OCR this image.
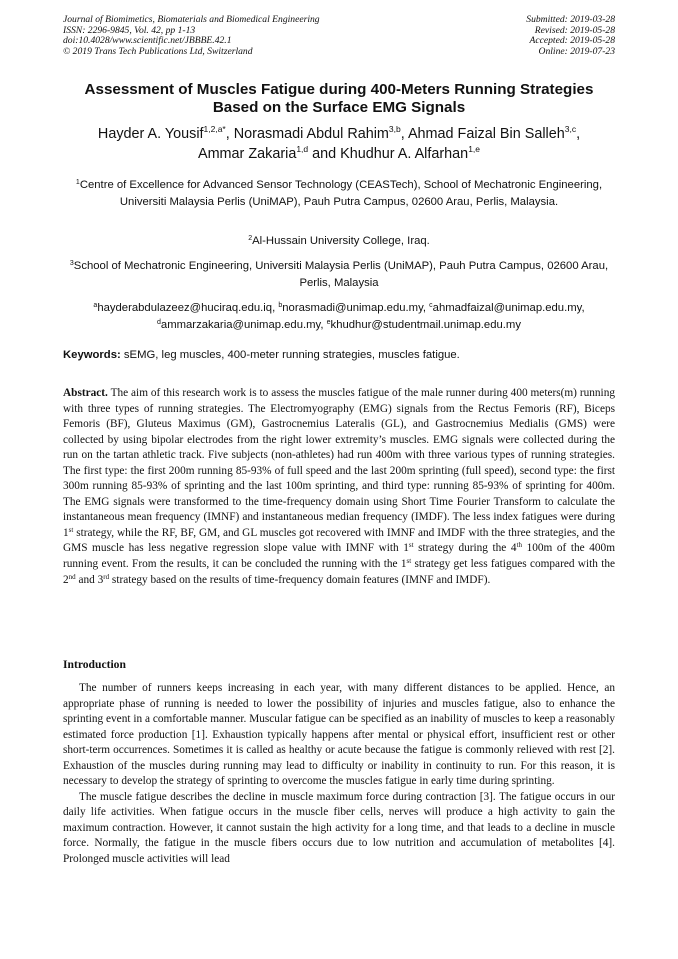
Journal of Biomimetics, Biomaterials and Biomedical Engineering	Submitted: 2019-03-28
ISSN: 2296-9845, Vol. 42, pp 1-13	Revised: 2019-05-28
doi:10.4028/www.scientific.net/JBBBE.42.1	Accepted: 2019-05-28
© 2019 Trans Tech Publications Ltd, Switzerland	Online: 2019-07-23
Assessment of Muscles Fatigue during 400-Meters Running Strategies
Based on the Surface EMG Signals
Hayder A. Yousif$^{1,2,a*}$, Norasmadi Abdul Rahim$^{3,b}$, Ahmad Faizal Bin Salleh$^{3,c}$,
Ammar Zakaria$^{1,d}$ and Khudhur A. Alfarhan$^{1,e}$
$^1$Centre of Excellence for Advanced Sensor Technology (CEASTech), School of Mechatronic Engineering, Universiti Malaysia Perlis (UniMAP), Pauh Putra Campus, 02600 Arau, Perlis, Malaysia.
$^2$Al-Hussain University College, Iraq.
$^3$School of Mechatronic Engineering, Universiti Malaysia Perlis (UniMAP), Pauh Putra Campus, 02600 Arau, Perlis, Malaysia
$^a$hayderabdulazeez@huciraq.edu.iq, $^b$norasmadi@unimap.edu.my, $^c$ahmadfaizal@unimap.edu.my,
$^d$ammarzakaria@unimap.edu.my, $^e$khudhur@studentmail.unimap.edu.my
Keywords: sEMG, leg muscles, 400-meter running strategies, muscles fatigue.
Abstract. The aim of this research work is to assess the muscles fatigue of the male runner during 400 meters(m) running with three types of running strategies. The Electromyography (EMG) signals from the Rectus Femoris (RF), Biceps Femoris (BF), Gluteus Maximus (GM), Gastrocnemius Lateralis (GL), and Gastrocnemius Medialis (GMS) were collected by using bipolar electrodes from the right lower extremity’s muscles. EMG signals were collected during the run on the tartan athletic track. Five subjects (non-athletes) had run 400m with three various types of running strategies. The first type: the first 200m running 85-93% of full speed and the last 200m sprinting (full speed), second type: the first 300m running 85-93% of sprinting and the last 100m sprinting, and third type: running 85-93% of sprinting for 400m. The EMG signals were transformed to the time-frequency domain using Short Time Fourier Transform to calculate the instantaneous mean frequency (IMNF) and instantaneous median frequency (IMDF). The less index fatigues were during 1st strategy, while the RF, BF, GM, and GL muscles got recovered with IMNF and IMDF with the three strategies, and the GMS muscle has less negative regression slope value with IMNF with 1st strategy during the 4th 100m of the 400m running event. From the results, it can be concluded the running with the 1st strategy get less fatigues compared with the 2nd and 3rd strategy based on the results of time-frequency domain features (IMNF and IMDF).
Introduction

The number of runners keeps increasing in each year, with many different distances to be applied. Hence, an appropriate phase of running is needed to lower the possibility of injuries and muscles fatigue, also to enhance the sprinting event in a comfortable manner. Muscular fatigue can be specified as an inability of muscles to keep a reasonably estimated force production [1]. Exhaustion typically happens after mental or physical effort, insufficient rest or other short-term occurrences. Sometimes it is called as healthy or acute because the fatigue is commonly relieved with rest [2]. Exhaustion of the muscles during running may lead to difficulty or inability in continuity to run. For this reason, it is necessary to develop the strategy of sprinting to overcome the muscles fatigue in early time during sprinting.

The muscle fatigue describes the decline in muscle maximum force during contraction [3]. The fatigue occurs in our daily life activities. When fatigue occurs in the muscle fiber cells, nerves will produce a high activity to gain the maximum contraction. However, it cannot sustain the high activity for a long time, and that leads to a decline in muscle force. Normally, the fatigue in the muscle fibers occurs due to low nutrition and accumulation of metabolites [4]. Prolonged muscle activities will lead
